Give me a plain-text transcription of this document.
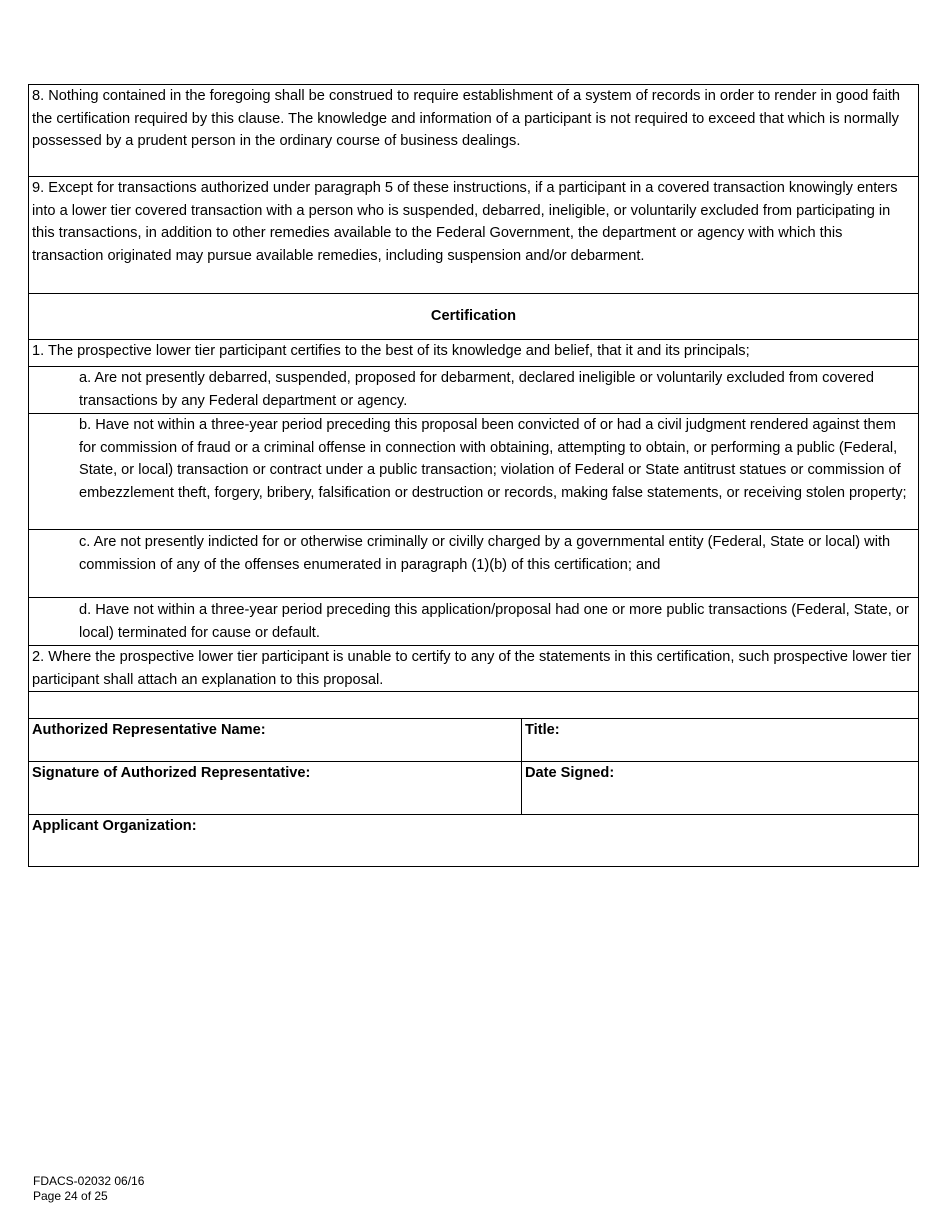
8. Nothing contained in the foregoing shall be construed to require establishment of a system of records in order to render in good faith the certification required by this clause. The knowledge and information of a participant is not required to exceed that which is normally possessed by a prudent person in the ordinary course of business dealings.
9. Except for transactions authorized under paragraph 5 of these instructions, if a participant in a covered transaction knowingly enters into a lower tier covered transaction with a person who is suspended, debarred, ineligible, or voluntarily excluded from participating in this transactions, in addition to other remedies available to the Federal Government, the department or agency with which this transaction originated may pursue available remedies, including suspension and/or debarment.
Certification
1. The prospective lower tier participant certifies to the best of its knowledge and belief, that it and its principals;
a. Are not presently debarred, suspended, proposed for debarment, declared ineligible or voluntarily excluded from covered transactions by any Federal department or agency.
b. Have not within a three-year period preceding this proposal been convicted of or had a civil judgment rendered against them for commission of fraud or a criminal offense in connection with obtaining, attempting to obtain, or performing a public (Federal, State, or local) transaction or contract under a public transaction; violation of Federal or State antitrust statues or commission of embezzlement theft, forgery, bribery, falsification or destruction or records, making false statements, or receiving stolen property;
c. Are not presently indicted for or otherwise criminally or civilly charged by a governmental entity (Federal, State or local) with commission of any of the offenses enumerated in paragraph (1)(b) of this certification; and
d. Have not within a three-year period preceding this application/proposal had one or more public transactions (Federal, State, or local) terminated for cause or default.
2. Where the prospective lower tier participant is unable to certify to any of the statements in this certification, such prospective lower tier participant shall attach an explanation to this proposal.
Authorized Representative Name:	Title:
Signature of Authorized Representative:	Date Signed:
Applicant Organization:
FDACS-02032 06/16
Page 24 of 25
